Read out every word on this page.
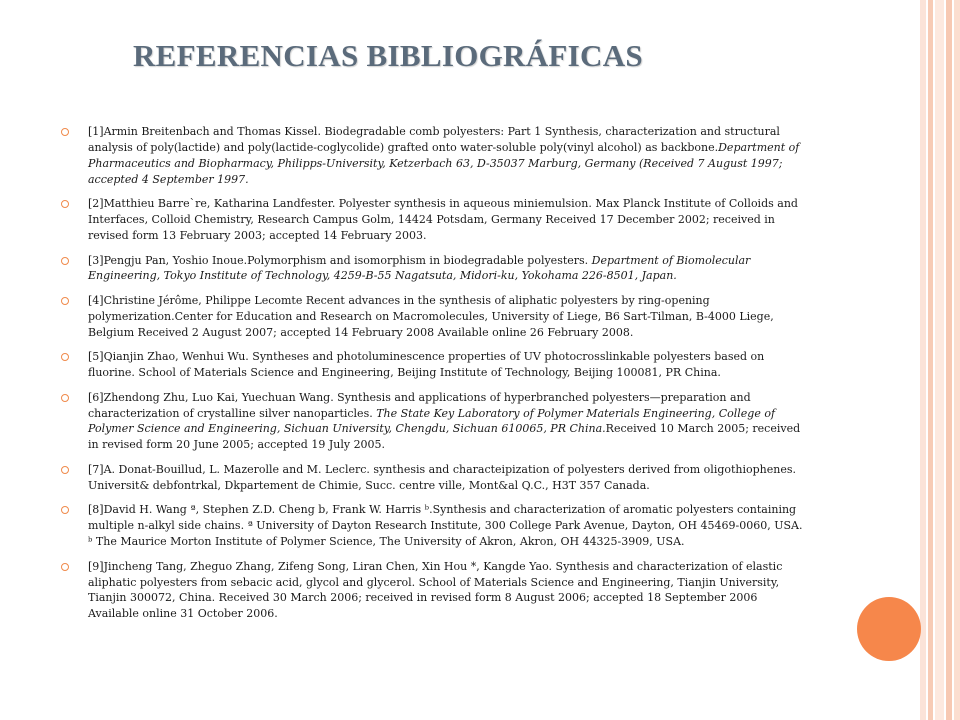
REFERENCIAS BIBLIOGRÁFICAS
[1]Armin Breitenbach and Thomas Kissel. Biodegradable comb polyesters: Part 1 Synthesis, characterization and structural analysis of poly(lactide) and poly(lactide-coglycolide) grafted onto water-soluble poly(vinyl alcohol) as backbone.Department of Pharmaceutics and Biopharmacy, Philipps-University, Ketzerbach 63, D-35037 Marburg, Germany (Received 7 August 1997; accepted 4 September 1997.
[2]Matthieu Barre`re, Katharina Landfester. Polyester synthesis in aqueous miniemulsion. Max Planck Institute of Colloids and Interfaces, Colloid Chemistry, Research Campus Golm, 14424 Potsdam, Germany Received 17 December 2002; received in revised form 13 February 2003; accepted 14 February 2003.
[3]Pengju Pan, Yoshio Inoue.Polymorphism and isomorphism in biodegradable polyesters. Department of Biomolecular Engineering, Tokyo Institute of Technology, 4259-B-55 Nagatsuta, Midori-ku, Yokohama 226-8501, Japan.
[4]Christine Jérôme, Philippe Lecomte Recent advances in the synthesis of aliphatic polyesters by ring-opening polymerization.Center for Education and Research on Macromolecules, University of Liege, B6 Sart-Tilman, B-4000 Liege, Belgium Received 2 August 2007; accepted 14 February 2008 Available online 26 February 2008.
[5]Qianjin Zhao, Wenhui Wu. Syntheses and photoluminescence properties of UV photocrosslinkable polyesters based on fluorine. School of Materials Science and Engineering, Beijing Institute of Technology, Beijing 100081, PR China.
[6]Zhendong Zhu, Luo Kai, Yuechuan Wang. Synthesis and applications of hyperbranched polyesters—preparation and characterization of crystalline silver nanoparticles. The State Key Laboratory of Polymer Materials Engineering, College of Polymer Science and Engineering, Sichuan University, Chengdu, Sichuan 610065, PR China.Received 10 March 2005; received in revised form 20 June 2005; accepted 19 July 2005.
[7]A. Donat-Bouillud, L. Mazerolle and M. Leclerc. synthesis and characteipization of polyesters derived from oligothiophenes. Universit& debfontrkal, Dkpartement de Chimie, Succ. centre ville, Mont&al Q.C., H3T 357 Canada.
[8]David H. Wang ª, Stephen Z.D. Cheng b, Frank W. Harris ᵇ.Synthesis and characterization of aromatic polyesters containing multiple n-alkyl side chains. ª University of Dayton Research Institute, 300 College Park Avenue, Dayton, OH 45469-0060, USA. ᵇ The Maurice Morton Institute of Polymer Science, The University of Akron, Akron, OH 44325-3909, USA.
[9]Jincheng Tang, Zheguo Zhang, Zifeng Song, Liran Chen, Xin Hou *, Kangde Yao. Synthesis and characterization of elastic aliphatic polyesters from sebacic acid, glycol and glycerol. School of Materials Science and Engineering, Tianjin University, Tianjin 300072, China. Received 30 March 2006; received in revised form 8 August 2006; accepted 18 September 2006 Available online 31 October 2006.
